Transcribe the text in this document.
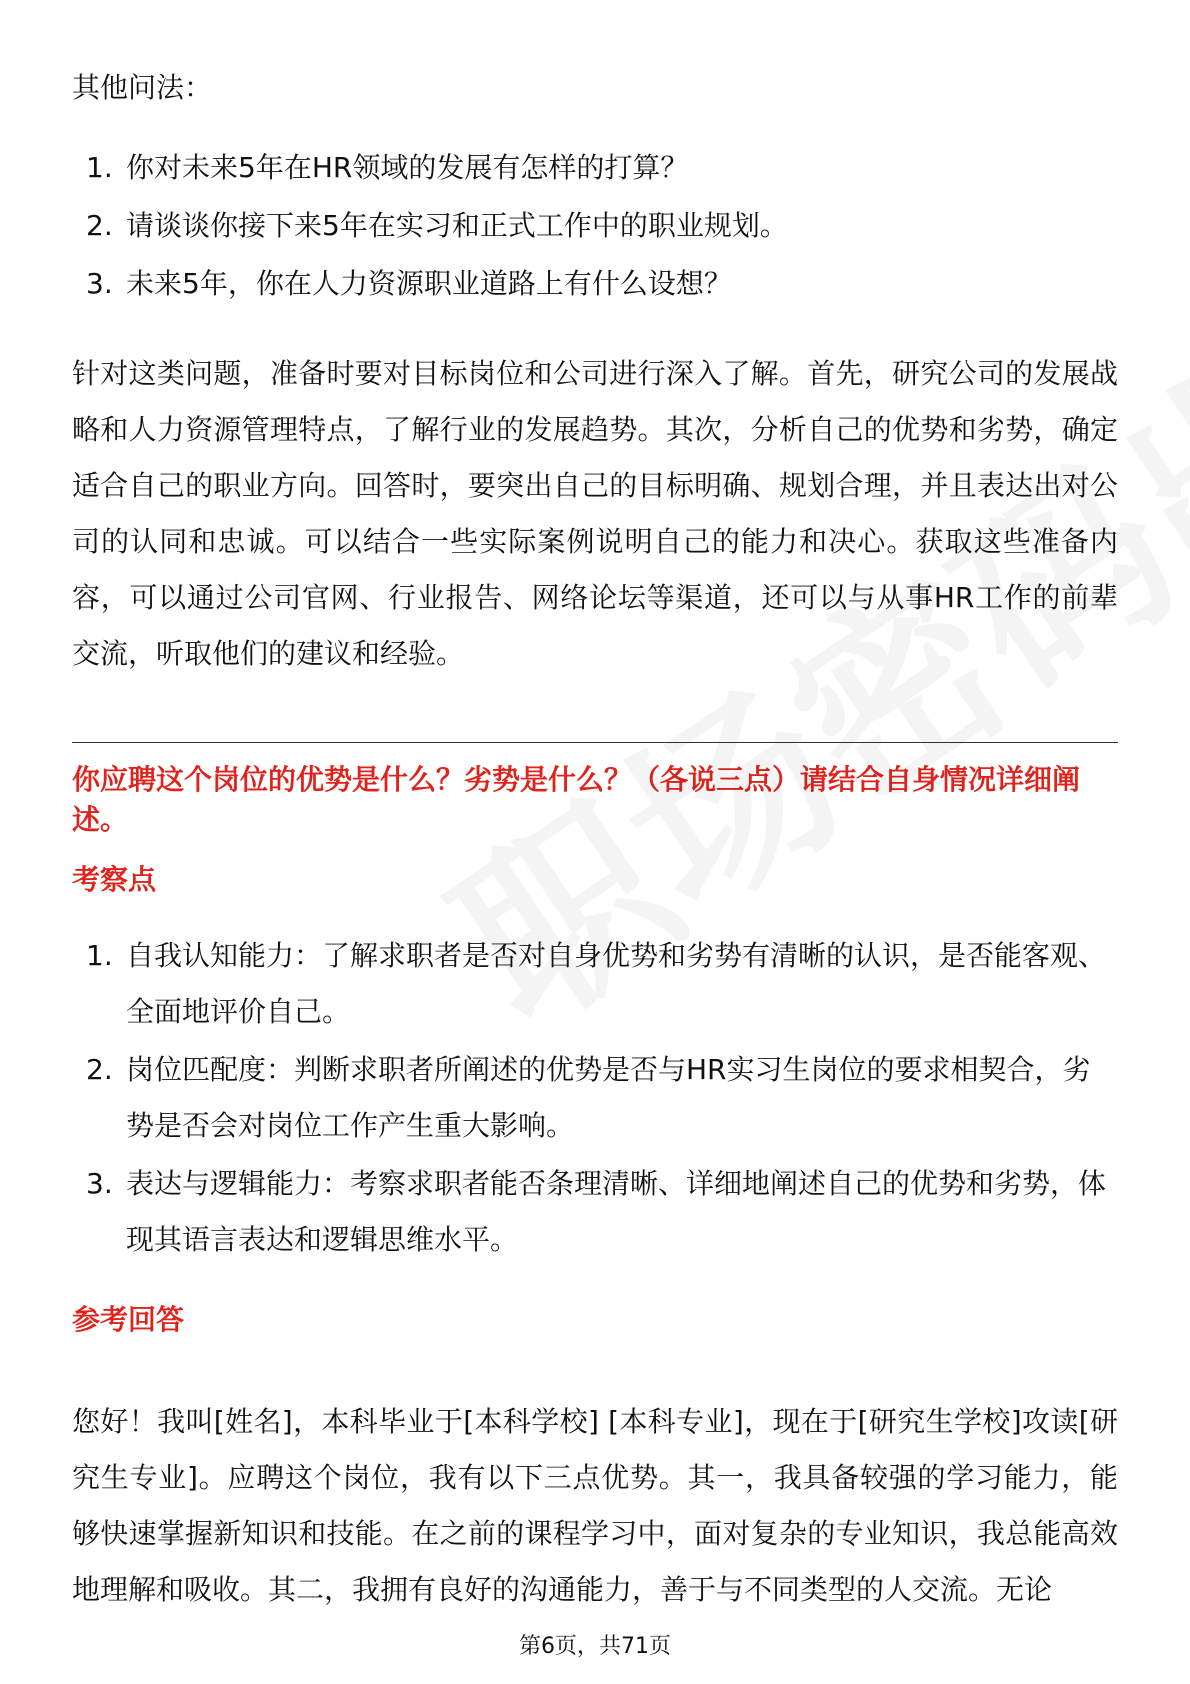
其他问法：

1. 你对未来5年在HR领域的发展有怎样的打算？
2. 请谈谈你接下来5年在实习和正式工作中的职业规划。
3. 未来5年，你在人力资源职业道路上有什么设想？

针对这类问题，准备时要对目标岗位和公司进行深入了解。首先，研究公司的发展战略和人力资源管理特点，了解行业的发展趋势。其次，分析自己的优势和劣势，确定适合自己的职业方向。回答时，要突出自己的目标明确、规划合理，并且表达出对公司的认同和忠诚。可以结合一些实际案例说明自己的能力和决心。获取这些准备内容，可以通过公司官网、行业报告、网络论坛等渠道，还可以与从事HR工作的前辈交流，听取他们的建议和经验。

你应聘这个岗位的优势是什么？劣势是什么？（各说三点）请结合自身情况详细阐述。

考察点

1. 自我认知能力：了解求职者是否对自身优势和劣势有清晰的认识，是否能客观、全面地评价自己。
2. 岗位匹配度：判断求职者所阐述的优势是否与HR实习生岗位的要求相契合，劣势是否会对岗位工作产生重大影响。
3. 表达与逻辑能力：考察求职者能否条理清晰、详细地阐述自己的优势和劣势，体现其语言表达和逻辑思维水平。

参考回答

您好！我叫[姓名]，本科毕业于[本科学校] [本科专业]，现在于[研究生学校]攻读[研究生专业]。应聘这个岗位，我有以下三点优势。其一，我具备较强的学习能力，能够快速掌握新知识和技能。在之前的课程学习中，面对复杂的专业知识，我总能高效地理解和吸收。其二，我拥有良好的沟通能力，善于与不同类型的人交流。无论

第6页，共71页
